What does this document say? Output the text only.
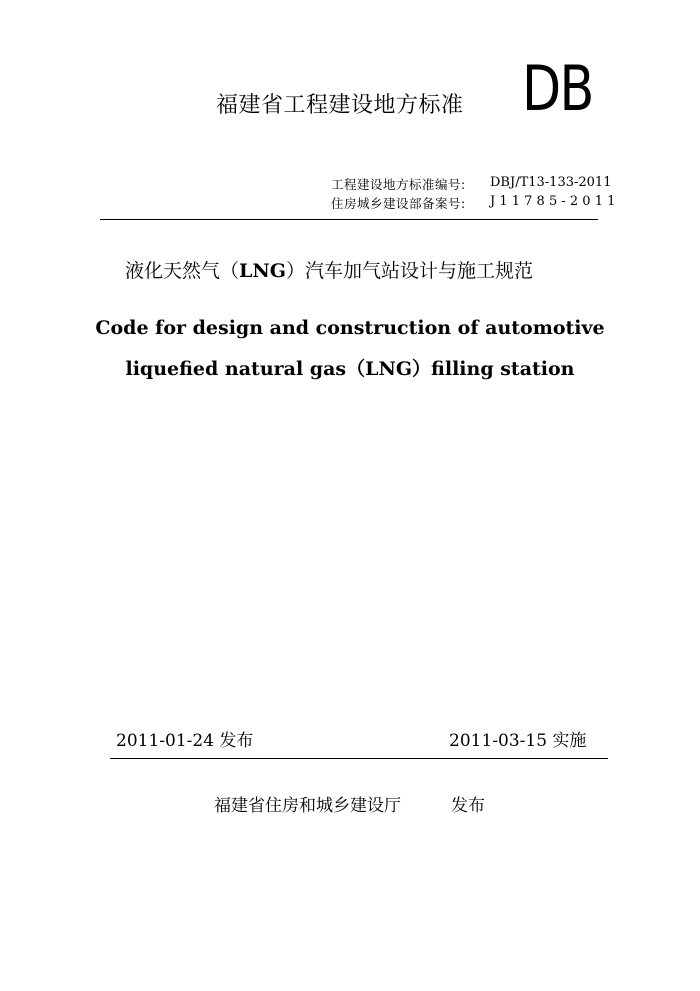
福建省工程建设地方标准 DB
工程建设地方标准编号: DBJ/T13-133-2011
住房城乡建设部备案号: J 1 1 7 8 5 - 2 0 1 1
液化天然气（LNG）汽车加气站设计与施工规范
Code for design and construction of automotive
liquefied natural gas（LNG）filling station
2011-01-24 发布	2011-03-15 实施
福建省住房和城乡建设厅	发布
